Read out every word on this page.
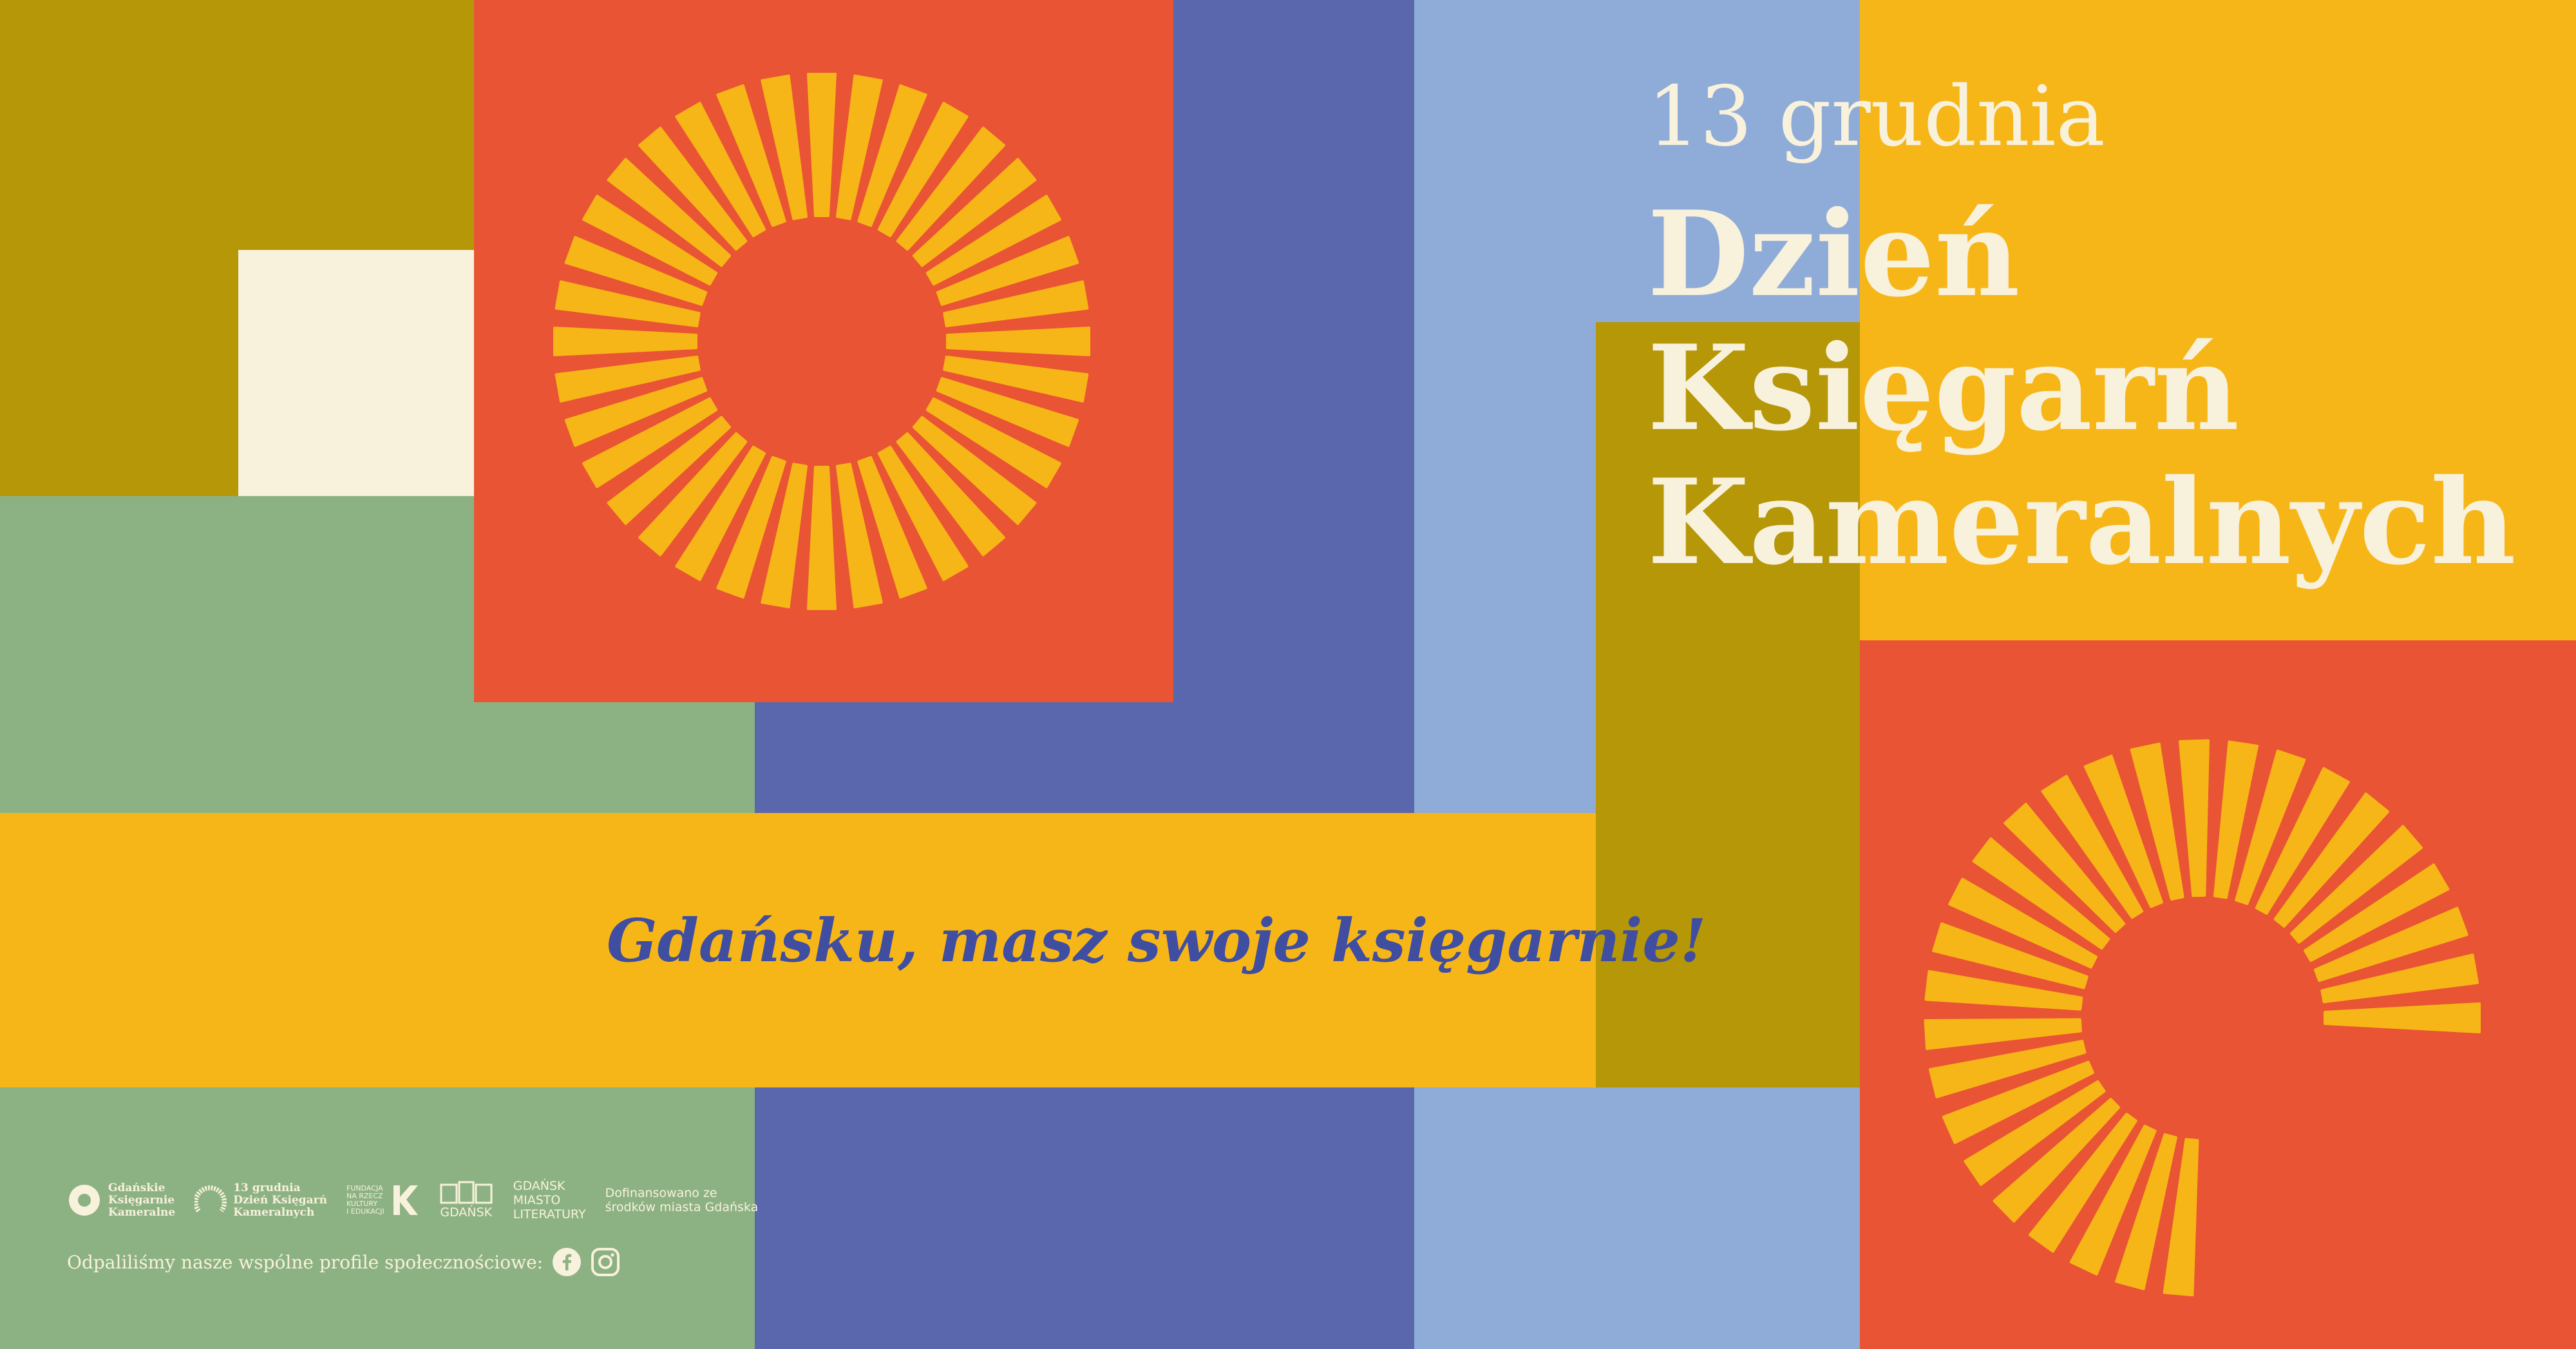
13 grudnia
Dzień
Księgarń
Kameralnych
Gdańsku, masz swoje księgarnie!
Gdańskie
Księgarnie
Kameralne
13 grudnia
Dzień Księgarń
Kameralnych
FUNDACJA
NA RZECZ
KULTURY
I EDUKACJI	GDAŃSK
GDAŃSK
MIASTO
LITERATURY
Dofinansowano ze
środków miasta Gdańska
Odpaliliśmy nasze wspólne profile społecznościowe:
